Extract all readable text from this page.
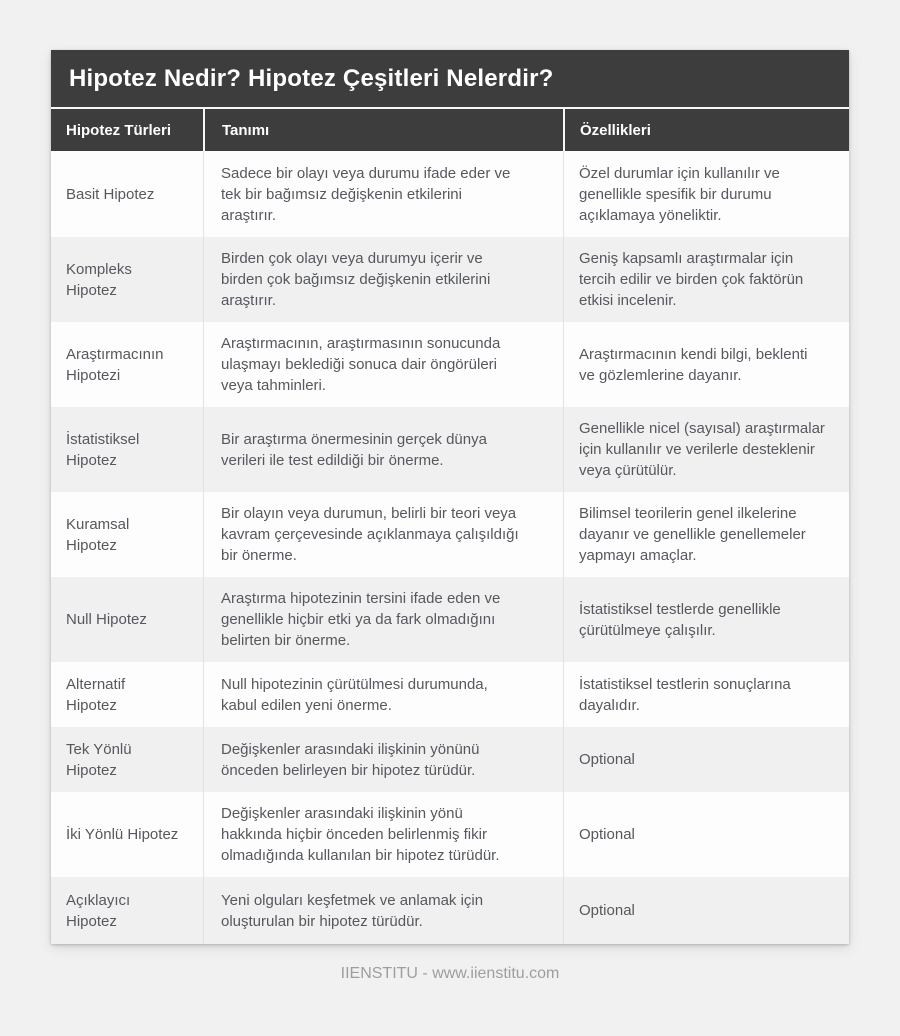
Hipotez Nedir? Hipotez Çeşitleri Nelerdir?
Hipotez Türleri	Tanımı	Özellikleri
Basit Hipotez
Sadece bir olayı veya durumu ifade eder ve tek bir bağımsız değişkenin etkilerini araştırır.
Özel durumlar için kullanılır ve genellikle spesifik bir durumu açıklamaya yöneliktir.
Kompleks Hipotez
Birden çok olayı veya durumyu içerir ve birden çok bağımsız değişkenin etkilerini araştırır.
Geniş kapsamlı araştırmalar için tercih edilir ve birden çok faktörün etkisi incelenir.
Araştırmacının Hipotezi
Araştırmacının, araştırmasının sonucunda ulaşmayı beklediği sonuca dair öngörüleri veya tahminleri.
Araştırmacının kendi bilgi, beklenti ve gözlemlerine dayanır.
İstatistiksel Hipotez
Bir araştırma önermesinin gerçek dünya verileri ile test edildiği bir önerme.
Genellikle nicel (sayısal) araştırmalar için kullanılır ve verilerle desteklenir veya çürütülür.
Kuramsal Hipotez
Bir olayın veya durumun, belirli bir teori veya kavram çerçevesinde açıklanmaya çalışıldığı bir önerme.
Bilimsel teorilerin genel ilkelerine dayanır ve genellikle genellemeler yapmayı amaçlar.
Null Hipotez
Araştırma hipotezinin tersini ifade eden ve genellikle hiçbir etki ya da fark olmadığını belirten bir önerme.
İstatistiksel testlerde genellikle çürütülmeye çalışılır.
Alternatif Hipotez
Null hipotezinin çürütülmesi durumunda, kabul edilen yeni önerme.
İstatistiksel testlerin sonuçlarına dayalıdır.
Tek Yönlü Hipotez
Değişkenler arasındaki ilişkinin yönünü önceden belirleyen bir hipotez türüdür.
Optional
İki Yönlü Hipotez
Değişkenler arasındaki ilişkinin yönü hakkında hiçbir önceden belirlenmiş fikir olmadığında kullanılan bir hipotez türüdür.
Optional
Açıklayıcı Hipotez
Yeni olguları keşfetmek ve anlamak için oluşturulan bir hipotez türüdür.
Optional
IIENSTITU - www.iienstitu.com
